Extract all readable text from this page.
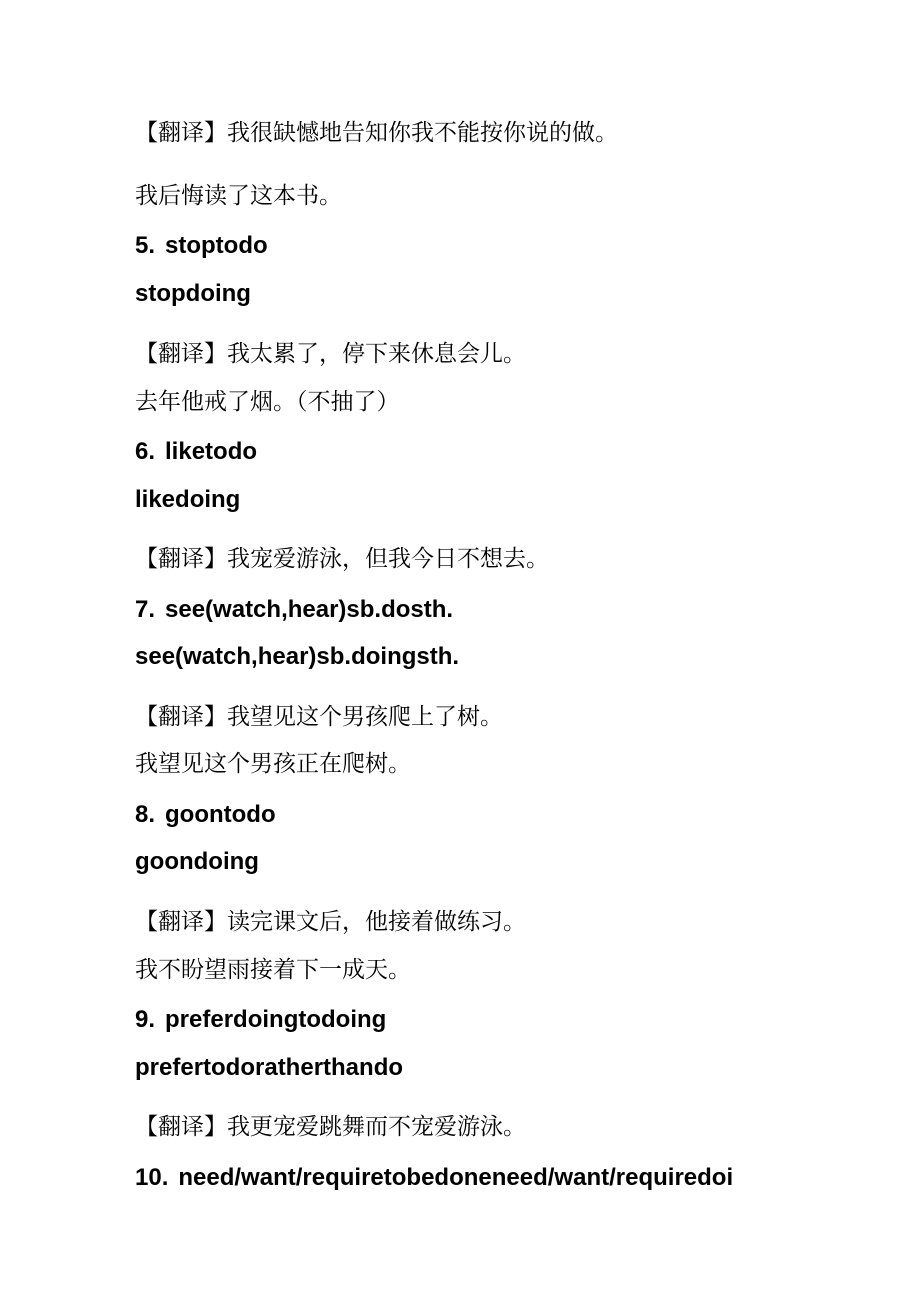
【翻译】我很缺憾地告知你我不能按你说的做。
我后悔读了这本书。
5. stoptodo
stopdoing
【翻译】我太累了，停下来休息会儿。
去年他戒了烟。（不抽了）
6. liketodo
likedoing
【翻译】我宠爱游泳，但我今日不想去。
7. see(watch,hear)sb.dosth.
see(watch,hear)sb.doingsth.
【翻译】我望见这个男孩爬上了树。
我望见这个男孩正在爬树。
8. goontodo
goondoing
【翻译】读完课文后，他接着做练习。
我不盼望雨接着下一成天。
9. preferdoingtodoing
prefertodoratherthando
【翻译】我更宠爱跳舞而不宠爱游泳。
10. need/want/requiretobedoneneed/want/requiredoi
